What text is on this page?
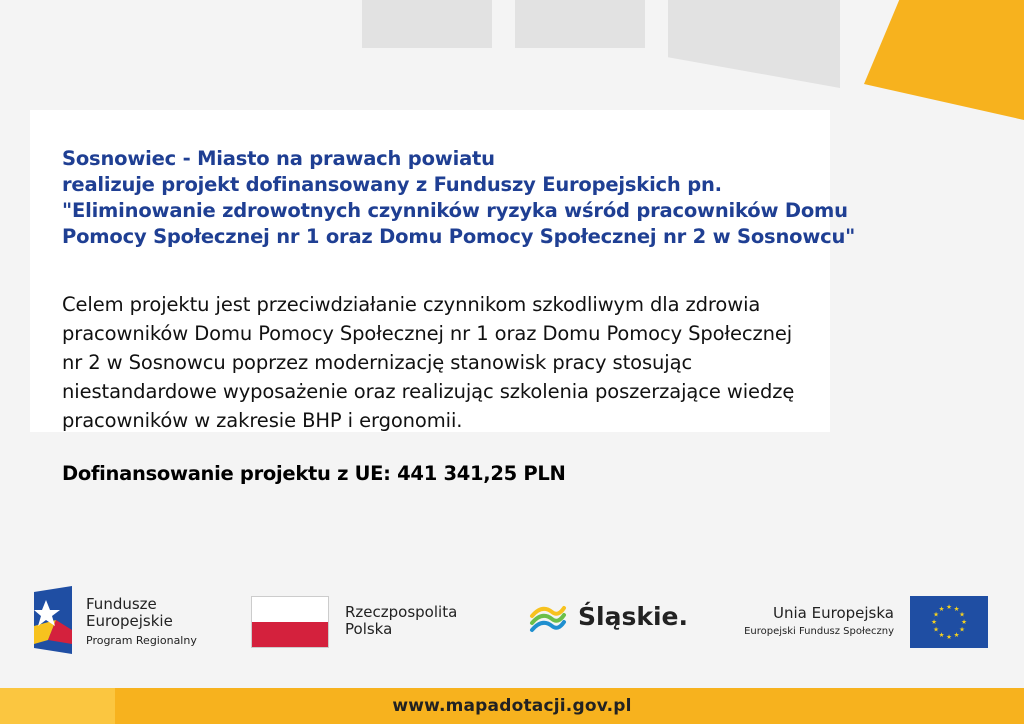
Sosnowiec - Miasto na prawach powiatu
realizuje projekt dofinansowany z Funduszy Europejskich pn.
"Eliminowanie zdrowotnych czynników ryzyka wśród pracowników Domu
Pomocy Społecznej nr 1 oraz Domu Pomocy Społecznej nr 2 w Sosnowcu"
Celem projektu jest przeciwdziałanie czynnikom szkodliwym dla zdrowia
pracowników Domu Pomocy Społecznej nr 1 oraz Domu Pomocy Społecznej
nr 2 w Sosnowcu poprzez modernizację stanowisk pracy stosując
niestandardowe wyposażenie oraz realizując szkolenia poszerzające wiedzę
pracowników w zakresie BHP i ergonomii.
Dofinansowanie projektu z UE: 441 341,25 PLN
Fundusze
Europejskie
Program Regionalny
Rzeczpospolita
Polska	Śląskie.	Unia Europejska
Europejski Fundusz Społeczny
★ ★
★
★
★
★
★
★
★
★
★
★
www.mapadotacji.gov.pl
